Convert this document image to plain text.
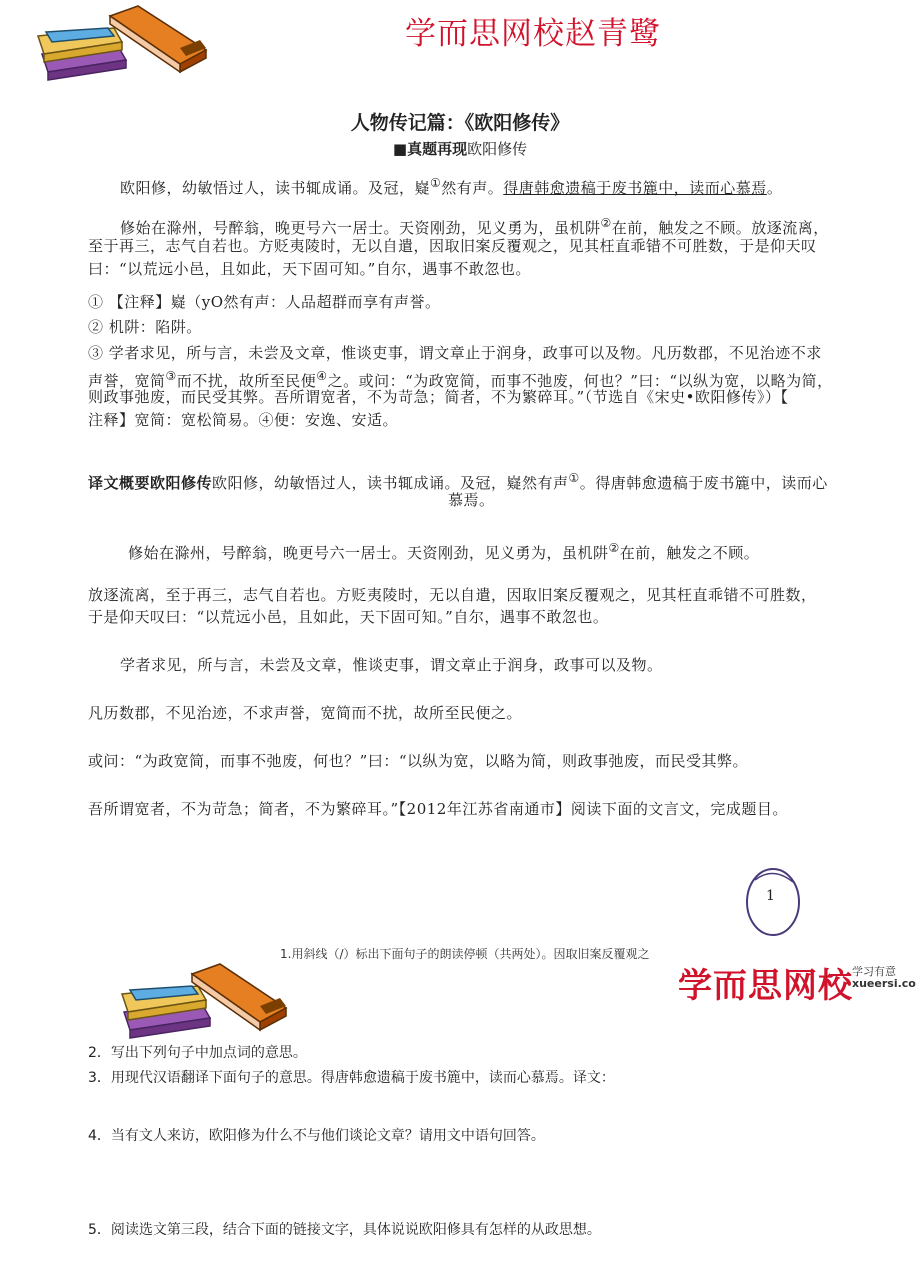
学而思网校赵青鹭
人物传记篇：《欧阳修传》
■真题再现欧阳修传
欧阳修，幼敏悟过人，读书辄成诵。及冠，嶷①然有声。得唐韩愈遗稿于废书簏中，读而心慕焉。
修始在滁州，号醉翁，晚更号六一居士。天资刚劲，见义勇为，虽机阱②在前，触发之不顾。放逐流离，
至于再三，志气自若也。方贬夷陵时，无以自遣，因取旧案反覆观之，见其枉直乖错不可胜数，于是仰天叹
曰：“以荒远小邑，且如此，天下固可知。”自尔，遇事不敢忽也。
① 【注释】嶷（yO然有声：人品超群而享有声誉。
② 机阱：陷阱。
③ 学者求见，所与言，未尝及文章，惟谈吏事，谓文章止于润身，政事可以及物。凡历数郡，不见治迹不求
声誉，宽简③而不扰，故所至民便④之。或问：“为政宽简，而事不弛废，何也？”曰：“以纵为宽，以略为简，
则政事弛废，而民受其弊。吾所谓宽者，不为苛急；简者，不为繁碎耳。”（节选自《宋史•欧阳修传》）【
注释】宽简：宽松简易。④便：安逸、安适。
译文概要欧阳修传欧阳修，幼敏悟过人，读书辄成诵。及冠，嶷然有声①。得唐韩愈遗稿于废书簏中，读而心
慕焉。
修始在滁州，号醉翁，晚更号六一居士。天资刚劲，见义勇为，虽机阱②在前，触发之不顾。
放逐流离，至于再三，志气自若也。方贬夷陵时，无以自遣，因取旧案反覆观之，见其枉直乖错不可胜数，
于是仰天叹曰：“以荒远小邑，且如此，天下固可知。”自尔，遇事不敢忽也。
学者求见，所与言，未尝及文章，惟谈吏事，谓文章止于润身，政事可以及物。
凡历数郡，不见治迹，不求声誉，宽简而不扰，故所至民便之。
或问：“为政宽简，而事不弛废，何也？”曰：“以纵为宽，以略为简，则政事弛废，而民受其弊。
吾所谓宽者，不为苛急；简者，不为繁碎耳。”【2012年江苏省南通市】阅读下面的文言文，完成题目。
1
1.用斜线（/）标出下面句子的朗读停顿（共两处）。因取旧案反覆观之
学而思网校 学习有意
xueersi.co
2．写出下列句子中加点词的意思。
3．用现代汉语翻译下面句子的意思。得唐韩愈遗稿于废书簏中，读而心慕焉。译文：
4．当有文人来访，欧阳修为什么不与他们谈论文章？请用文中语句回答。
5．阅读选文第三段，结合下面的链接文字，具体说说欧阳修具有怎样的从政思想。
